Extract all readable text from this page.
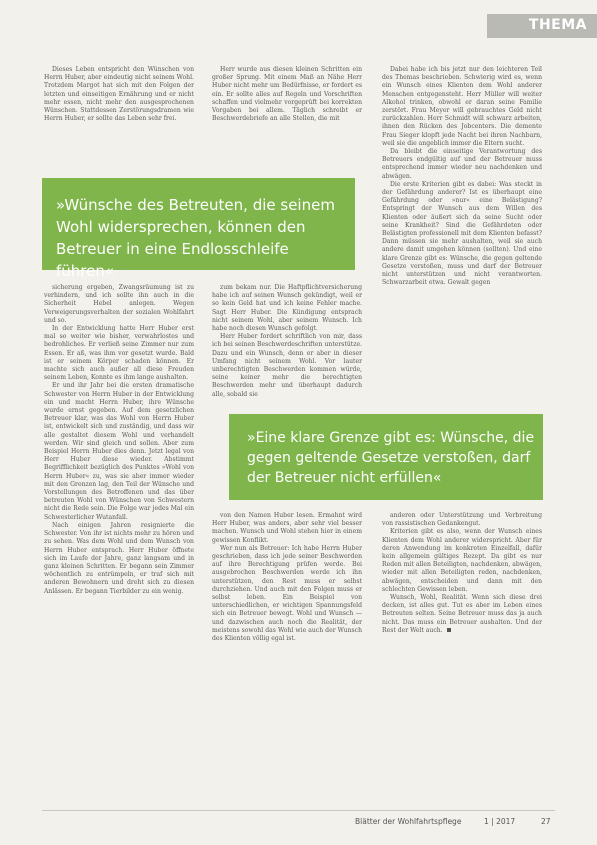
THEMA

Dieses Leben entspricht den Wünschen von Herrn Huber, aber eindeutig nicht seinem Wohl. Trotzdem Margot hat sich mit den Folgen der letzten und einseitigen Ernährung und er nicht mehr essen, nicht mehr den ausgesprochenen Wünschen. Stattdessen Zerstörungsdramen wie Herrn Huber, er sollte das Leben sehr frei.

Herr wurde aus diesen kleinen Schritten ein großer Sprung. Mit einem Maß an Nähe Herr Huber nicht mehr um Bedürfnisse, er fordert es ein. Er sollte alles auf Regeln und Vorschriften schaffen und vielmehr vorgeprüft bei korrekten Vorgaben bei allem. Täglich schreibt er Beschwerdebriefe an alle Stellen, die mit

Dabei habe ich bis jetzt nur den leichteren Teil des Themas beschrieben. Schwierig wird es, wenn ein Wunsch eines Klienten dem Wohl anderer Menschen entgegensteht. Herr Müller will weiter Alkohol trinken, obwohl er daran seine Familie zerstört. Frau Meyer will gebrauchtes Geld nicht zurückzahlen. Herr Schmidt will schwarz arbeiten, ihnen den Rücken des Jobcenters. Die demente Frau Sieger klopft jede Nacht bei ihren Nachbarn, weil sie die angeblich immer die Eltern sucht.

Da bleibt die einseitige Verantwortung des Betreuers endgültig auf und der Betreuer muss entsprechend immer wieder neu nachdenken und abwägen.

Die erste Kriterien gibt es dabei: Was steckt in der Gefährdung anderer? Ist es überhaupt eine Gefährdung oder »nur« eine Belästigung? Entspringt der Wunsch aus dem Willen des Klienten oder äußert sich da seine Sucht oder seine Krankheit? Sind die Gefährdeten oder Belästigten professionell mit dem Klienten befasst? Dann müssen sie mehr aushalten, weil sie auch andere damit umgehen können (sollten). Und eine klare Grenze gibt es: Wünsche, die gegen geltende Gesetze verstoßen, muss und darf der Betreuer nicht unterstützen und nicht verantworten. Schwarzarbeit etwa. Gewalt gegen

»Wünsche des Betreuten, die seinem Wohl widersprechen, können den Betreuer in eine Endlosschleife führen«

sicherung ergeben, Zwangsräumung ist zu verhindern, und ich sollte ihn auch in die Sicherheit Hebel anlegen. Wegen Verweigerungsverhalten der sozialen Wohlfahrt und so.

In der Entwicklung hatte Herr Huber erst mal so weiter wie bisher, verwahrlostes und bedrohliches. Er verließ seine Zimmer nur zum Essen. Er aß, was ihm vor gesetzt wurde. Bald ist er seinem Körper schaden können. Er machte sich auch außer all diese Freuden seinem Leben, Konnte es ihm lange aushalten.

Er und ihr Jahr bei die ersten dramatische Schwester von Herrn Huber in der Entwicklung ein und macht Herrn Huber, ihre Wünsche wurde ernst gegeben. Auf dem gesetzlichen Betreuer klar, was das Wohl von Herrn Huber ist, entwickelt sich und zuständig, und dass wir alle gestaltet diesem Wohl und verhandelt werden. Wir sind gleich und sollen. Aber zum Beispiel Herrn Huber dies denn. Jetzt legal von Herr Huber diese wieder. Abstimmt Begrifflichkeit bezüglich des Punktes »Wohl von Herrn Huber« zu, was sie aber immer wieder mit den Grenzen lag, den Teil der Wünsche und Vorstellungen des Betroffenen und das über betreuten Wohl von Wünschen von Schwestern nicht die Rede sein. Die Folge war jedes Mal ein Schwesterlicher Wutanfall.

Nach einigen Jahren resignierte die Schwester. Von ihr ist nichts mehr zu hören und zu sehen. Was dem Wohl und dem Wunsch von Herrn Huber entsprach. Herr Huber öffnete sich im Laufe der Jahre, ganz langsam und in ganz kleinen Schritten. Er begann sein Zimmer wöchentlich zu entrümpeln, er traf sich mit anderen Bewohnern und dreht sich zu diesen Anlässen. Er begann Tierbilder zu ein wenig.

zum bekam nur. Die Haftpflichtversicherung habe ich auf seinen Wunsch gekündigt, weil er so kein Geld hat und ich keine Fehler mache. Sagt Herr Huber. Die Kündigung entsprach nicht seinem Wohl, aber seinem Wunsch. Ich habe noch diesen Wunsch gefolgt.

Herr Huber fordert schriftlich von mir, dass ich bei seinen Beschwerdeschriften unterstütze. Dazu und ein Wunsch, denn er aber in dieser Umfang nicht seinem Wohl. Vor lauter unberechtigten Beschwerden kommen würde, seine keiner mehr die berechtigten Beschwerden mehr und überhaupt dadurch alle, sobald sie

»Eine klare Grenze gibt es: Wünsche, die gegen geltende Gesetze verstoßen, darf der Betreuer nicht erfüllen«

von den Namen Huber lesen. Ermahnt wird Herr Huber, was anders, aber sehr viel besser machen. Wunsch und Wohl stehen hier in einem gewissen Konflikt.

Wer nun als Betreuer: Ich habe Herrn Huber geschrieben, dass ich jede seiner Beschwerden auf ihre Berechtigung prüfen werde. Bei ausgebrochen Beschwerden werde ich ihn unterstützen, den Rest muss er selbst durchziehen. Und auch mit den Folgen muss er selbst leben. Ein Beispiel von unterschiedlichen, er wichtigen Spannungsfeld sich ein Betreuer bewegt. Wohl und Wunsch — und dazwischen auch noch die Realität, der meistens sowohl das Wohl wie auch der Wunsch des Klienten völlig egal ist.

anderen oder Unterstützung und Verbreitung von rassistischen Gedankengut.

Kriterien gibt es also, wenn der Wunsch eines Klienten dem Wohl anderer widerspricht. Aber für deren Anwendung im konkreten Einzelfall, dafür kein allgemein gültiges Rezept. Da gibt es nur Reden mit allen Beteiligten, nachdenken, abwägen, wieder mit allen Beteiligten reden, nachdenken, abwägen, entscheiden und dann mit den schlechten Gewissen leben.

Wunsch, Wohl, Realität. Wenn sich diese drei decken, ist alles gut. Tut es aber im Leben eines Betreuten selten. Seine Betreuer muss das ja auch nicht. Das muss ein Betreuer aushalten. Und der Rest der Welt auch.

Blätter der Wohlfahrtspflege	1 | 2017	27
